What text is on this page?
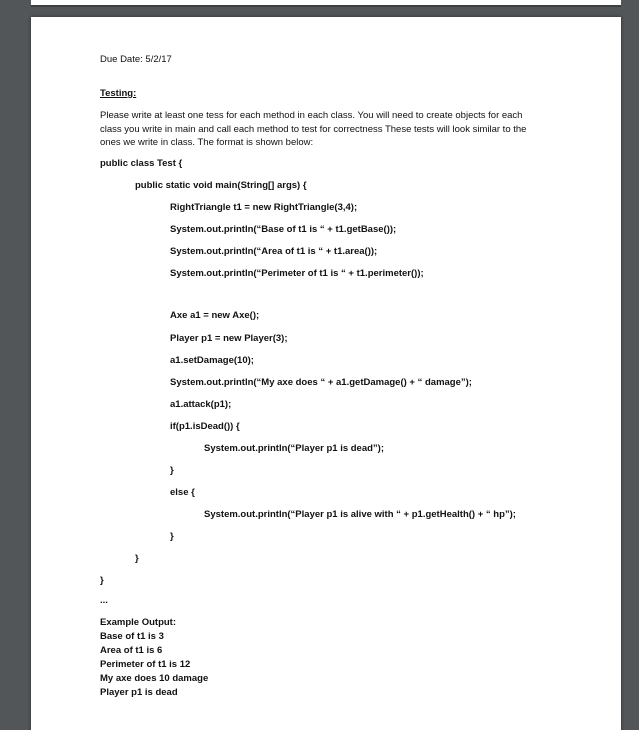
Due Date: 5/2/17
Testing:
Please write at least one tess for each method in each class. You will need to create objects for each
class you write in main and call each method to test for correctness These tests will look similar to the
ones we write in class. The format is shown below:
public class Test {
public static void main(String[] args) {
RightTriangle t1 = new RightTriangle(3,4);
System.out.println(“Base of t1 is “ + t1.getBase());
System.out.println(“Area of t1 is “ + t1.area());
System.out.println(“Perimeter of t1 is “ + t1.perimeter());
Axe a1 = new Axe();
Player p1 = new Player(3);
a1.setDamage(10);
System.out.println(“My axe does “ + a1.getDamage() + “ damage”);
a1.attack(p1);
if(p1.isDead()) {
System.out.println(“Player p1 is dead”);
}
else {
System.out.println(“Player p1 is alive with “ + p1.getHealth() + “ hp”);
}
}
}
...
Example Output:
Base of t1 is 3
Area of t1 is 6
Perimeter of t1 is 12
My axe does 10 damage
Player p1 is dead
